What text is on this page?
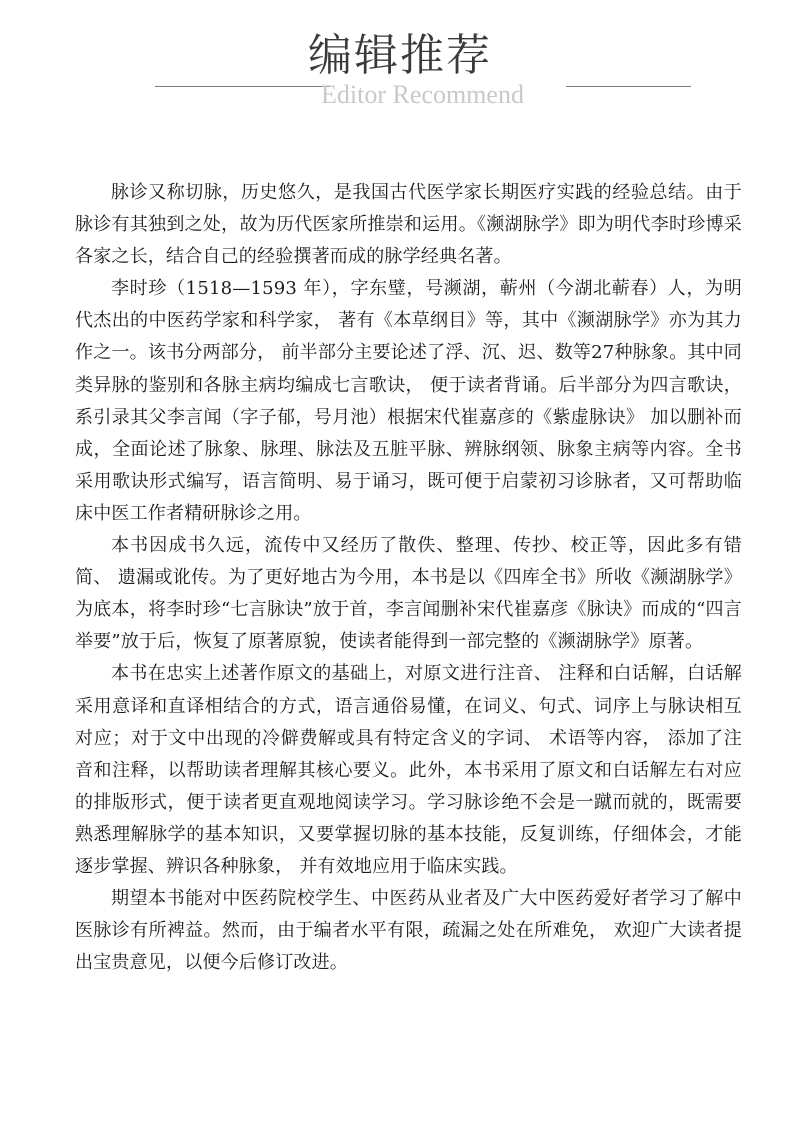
编辑推荐
Editor Recommend

脉诊又称切脉，历史悠久，是我国古代医学家长期医疗实践的经验总结。由于脉诊有其独到之处，故为历代医家所推崇和运用。《濒湖脉学》即为明代李时珍博采各家之长，结合自己的经验撰著而成的脉学经典名著。

李时珍（1518—1593 年），字东璧，号濒湖，蕲州（今湖北蕲春）人，为明代杰出的中医药学家和科学家， 著有《本草纲目》等，其中《濒湖脉学》亦为其力作之一。该书分两部分， 前半部分主要论述了浮、沉、迟、数等27种脉象。其中同类异脉的鉴别和各脉主病均编成七言歌诀， 便于读者背诵。后半部分为四言歌诀，系引录其父李言闻（字子郁，号月池）根据宋代崔嘉彦的《紫虚脉诀》 加以删补而成，全面论述了脉象、脉理、脉法及五脏平脉、辨脉纲领、脉象主病等内容。全书采用歌诀形式编写，语言简明、易于诵习，既可便于启蒙初习诊脉者，又可帮助临床中医工作者精研脉诊之用。

本书因成书久远，流传中又经历了散佚、整理、传抄、校正等，因此多有错简、 遗漏或讹传。为了更好地古为今用，本书是以《四库全书》所收《濒湖脉学》为底本，将李时珍“七言脉诀”放于首，李言闻删补宋代崔嘉彦《脉诀》而成的“四言举要”放于后，恢复了原著原貌，使读者能得到一部完整的《濒湖脉学》原著。

本书在忠实上述著作原文的基础上，对原文进行注音、 注释和白话解，白话解采用意译和直译相结合的方式，语言通俗易懂，在词义、句式、词序上与脉诀相互对应；对于文中出现的冷僻费解或具有特定含义的字词、 术语等内容， 添加了注音和注释，以帮助读者理解其核心要义。此外，本书采用了原文和白话解左右对应的排版形式，便于读者更直观地阅读学习。学习脉诊绝不会是一蹴而就的，既需要熟悉理解脉学的基本知识，又要掌握切脉的基本技能，反复训练，仔细体会，才能逐步掌握、辨识各种脉象， 并有效地应用于临床实践。

期望本书能对中医药院校学生、中医药从业者及广大中医药爱好者学习了解中医脉诊有所裨益。然而，由于编者水平有限，疏漏之处在所难免， 欢迎广大读者提出宝贵意见，以便今后修订改进。
